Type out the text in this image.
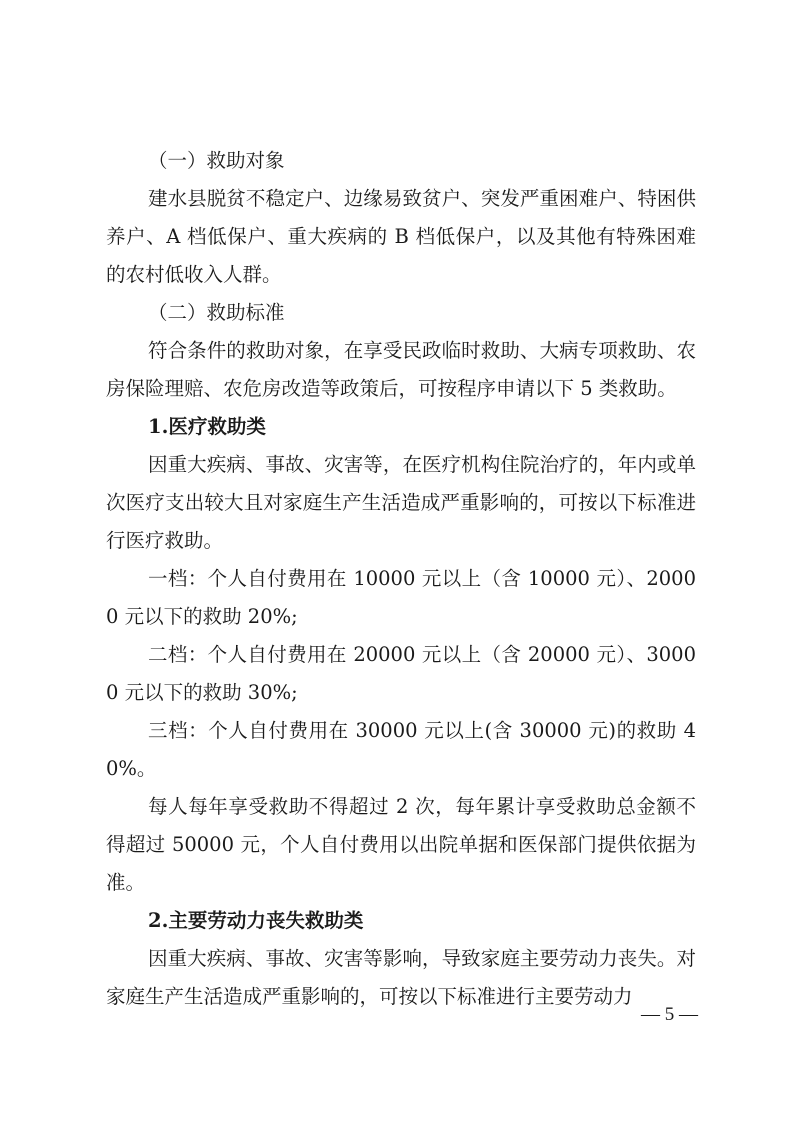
（一）救助对象

建水县脱贫不稳定户、边缘易致贫户、突发严重困难户、特困供养户、A 档低保户、重大疾病的 B 档低保户，以及其他有特殊困难的农村低收入人群。

（二）救助标准

符合条件的救助对象，在享受民政临时救助、大病专项救助、农房保险理赔、农危房改造等政策后，可按程序申请以下 5 类救助。

1.医疗救助类

因重大疾病、事故、灾害等，在医疗机构住院治疗的，年内或单次医疗支出较大且对家庭生产生活造成严重影响的，可按以下标准进行医疗救助。

一档：个人自付费用在 10000 元以上（含 10000 元）、20000 元以下的救助 20%;

二档：个人自付费用在 20000 元以上（含 20000 元）、30000 元以下的救助 30%;

三档：个人自付费用在 30000 元以上(含 30000 元)的救助 40%。

每人每年享受救助不得超过 2 次，每年累计享受救助总金额不得超过 50000 元，个人自付费用以出院单据和医保部门提供依据为准。

2.主要劳动力丧失救助类

因重大疾病、事故、灾害等影响，导致家庭主要劳动力丧失。对家庭生产生活造成严重影响的，可按以下标准进行主要劳动力

— 5 —
